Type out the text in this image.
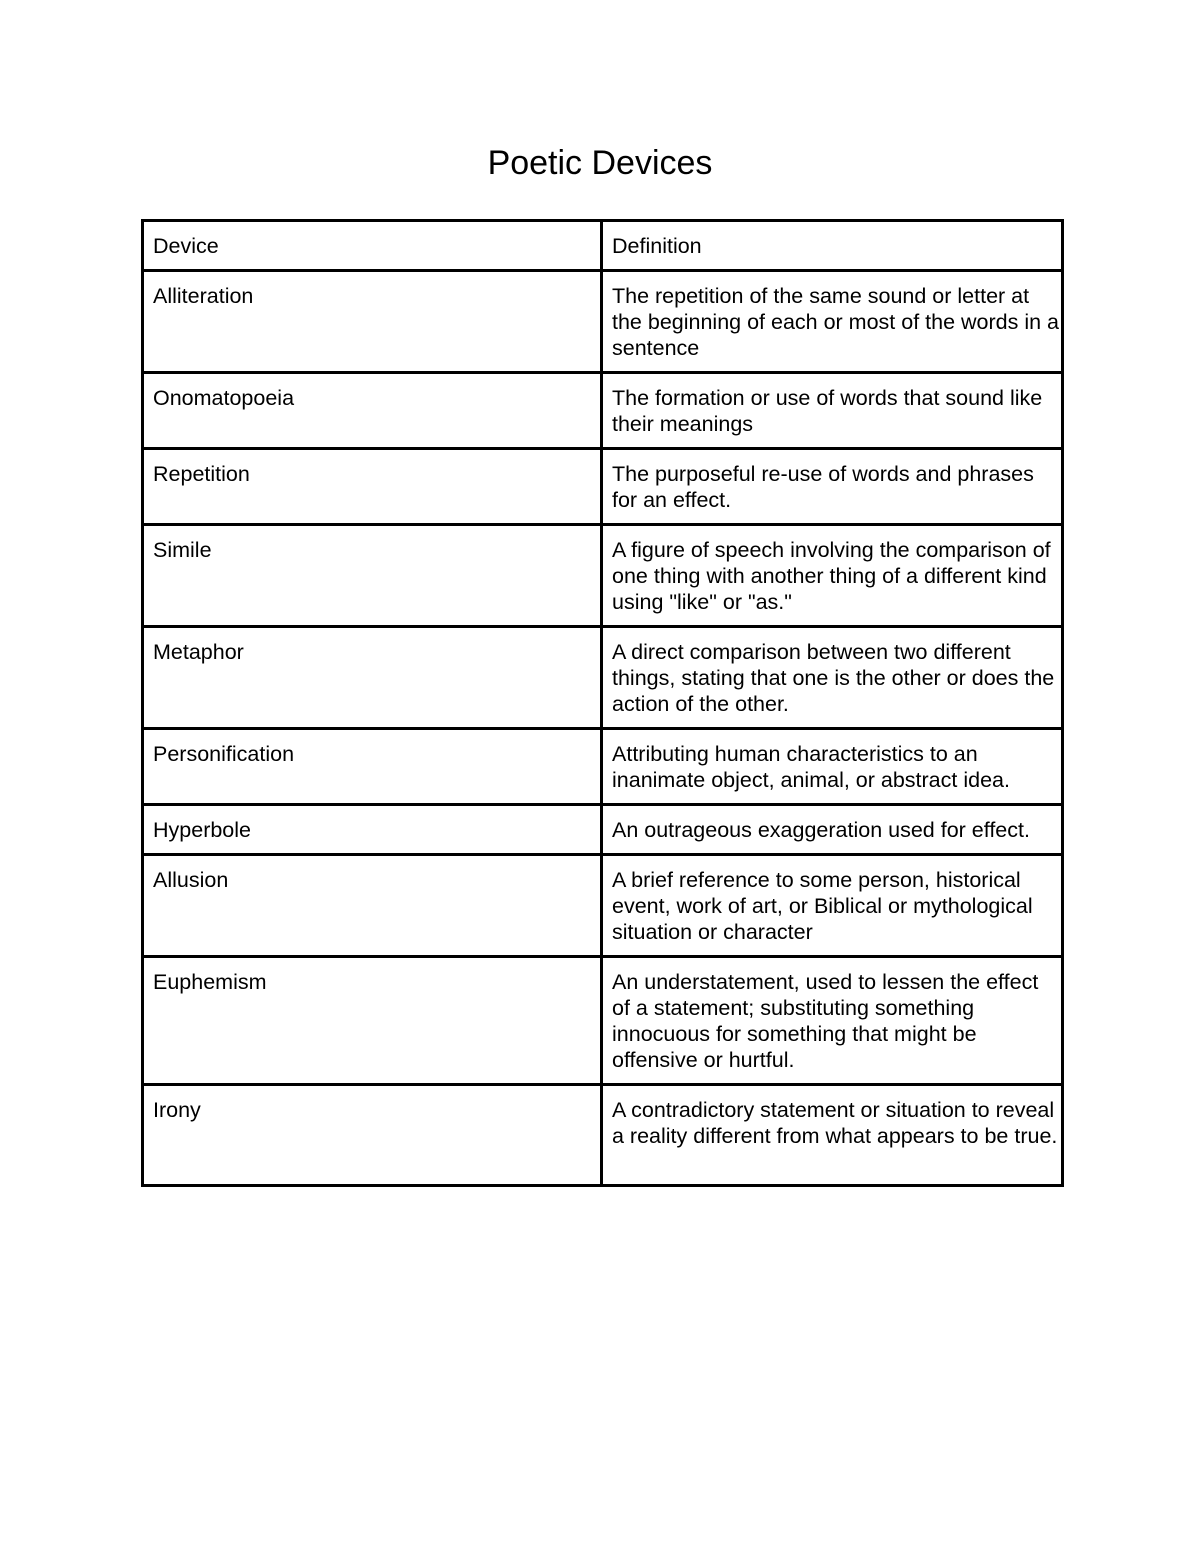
Poetic Devices
Device	Definition
Alliteration	The repetition of the same sound or letter at the beginning of each or most of the words in a sentence
Onomatopoeia	The formation or use of words that sound like their meanings
Repetition	The purposeful re-use of words and phrases for an effect.
Simile	A figure of speech involving the comparison of one thing with another thing of a different kind using "like" or "as."
Metaphor	A direct comparison between two different things, stating that one is the other or does the action of the other.
Personification	Attributing human characteristics to an inanimate object, animal, or abstract idea.
Hyperbole	An outrageous exaggeration used for effect.
Allusion	A brief reference to some person, historical event, work of art, or Biblical or mythological situation or character
Euphemism	An understatement, used to lessen the effect of a statement; substituting something innocuous for something that might be offensive or hurtful.
Irony	A contradictory statement or situation to reveal a reality different from what appears to be true.
